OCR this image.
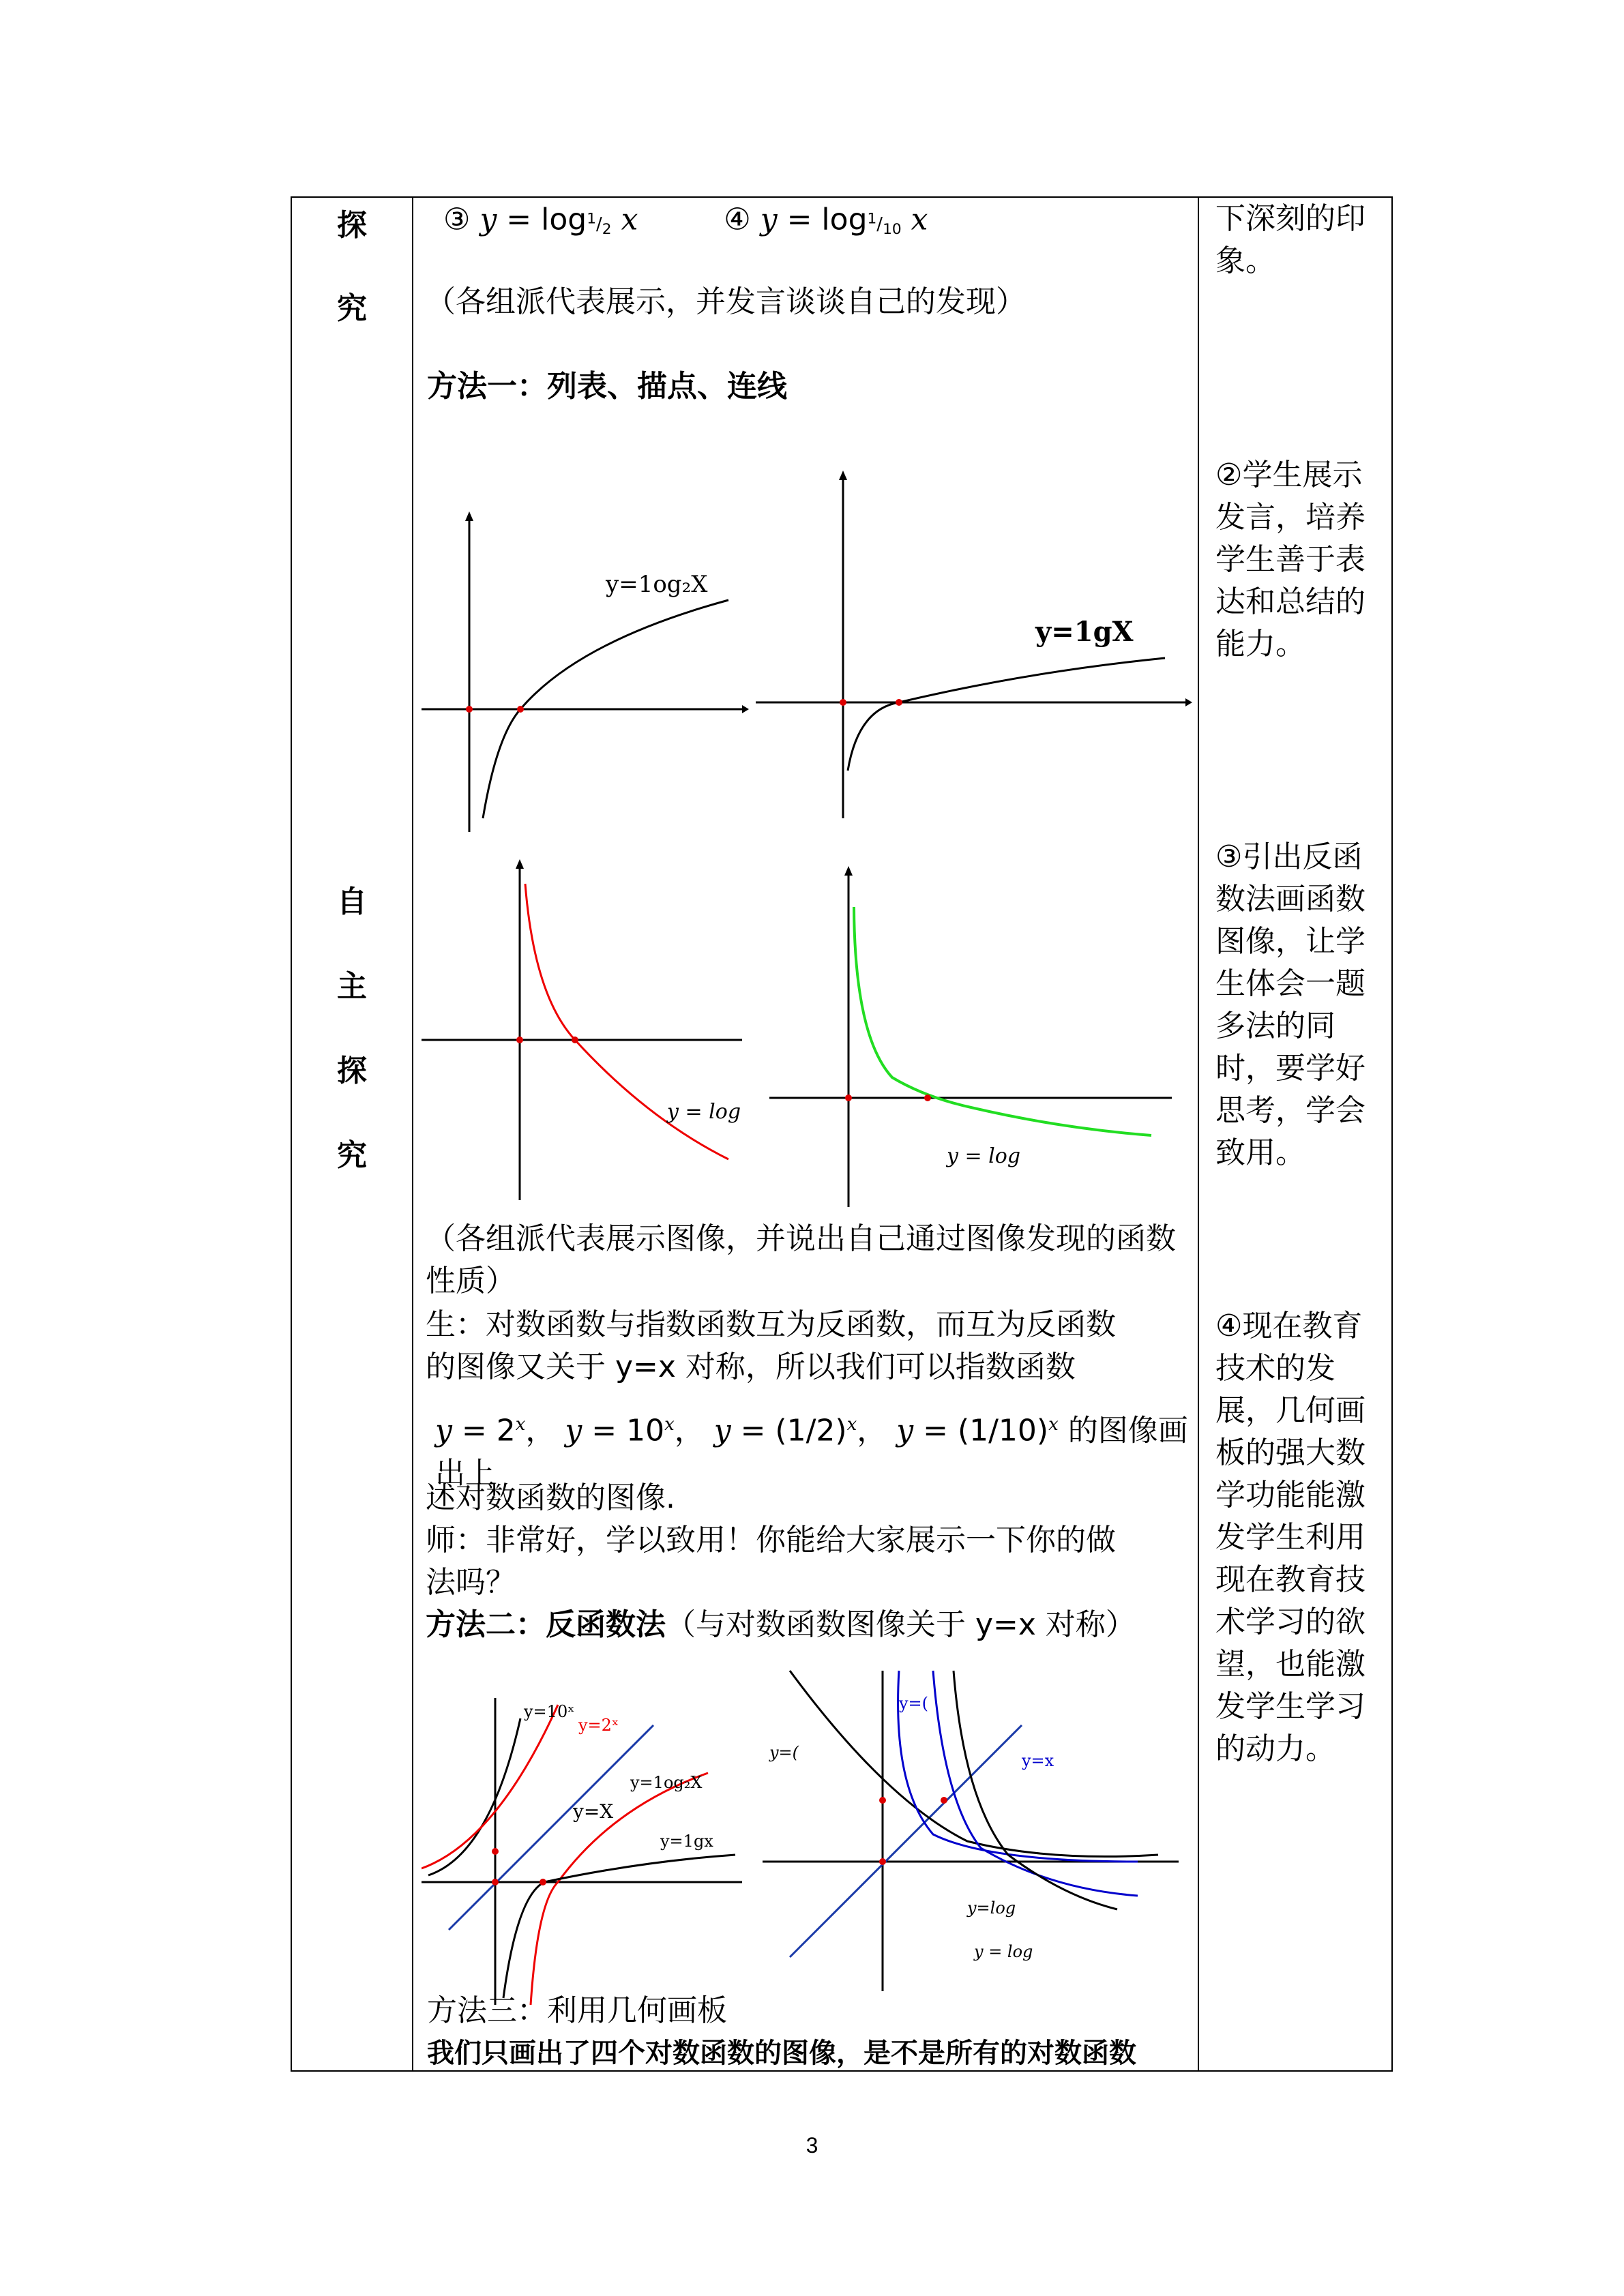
探
究
自
主
探
究
下深刻的印象。
②学生展示发言，培养学生善于表达和总结的能力。
③引出反函数法画函数图像，让学生体会一题多法的同时，要学好思考，学会致用。
④现在教育技术的发展，几何画板的强大数学功能能激发学生利用现在教育技术学习的欲望，也能激发学生学习的动力。
③ $y = \log^1/_2$ x	④ $y = \log^1/_{10}$ x
（各组派代表展示，并发言谈谈自己的发现）
方法一：列表、描点、连线
y=1og₂X
y=1gX
y = log
y = log
（各组派代表展示图像，并说出自己通过图像发现的函数性质）
生：对数函数与指数函数互为反函数，而互为反函数
的图像又关于 y=x 对称，所以我们可以指数函数
$y = 2^x$， $y = 10^x$， $y = (1/2)^x$， $y = (1/10)^x$ 的图像画出上
述对数函数的图像.
师：非常好，学以致用！你能给大家展示一下你的做
法吗？
方法二：反函数法（与对数函数图像关于 y=x 对称）
y=10ˣ
y=2ˣ
y=1og₂X
y=X
y=1gx
y=(
y=(
y=x
y=log
y = log
方法三：利用几何画板
我们只画出了四个对数函数的图像，是不是所有的对数函数
3
